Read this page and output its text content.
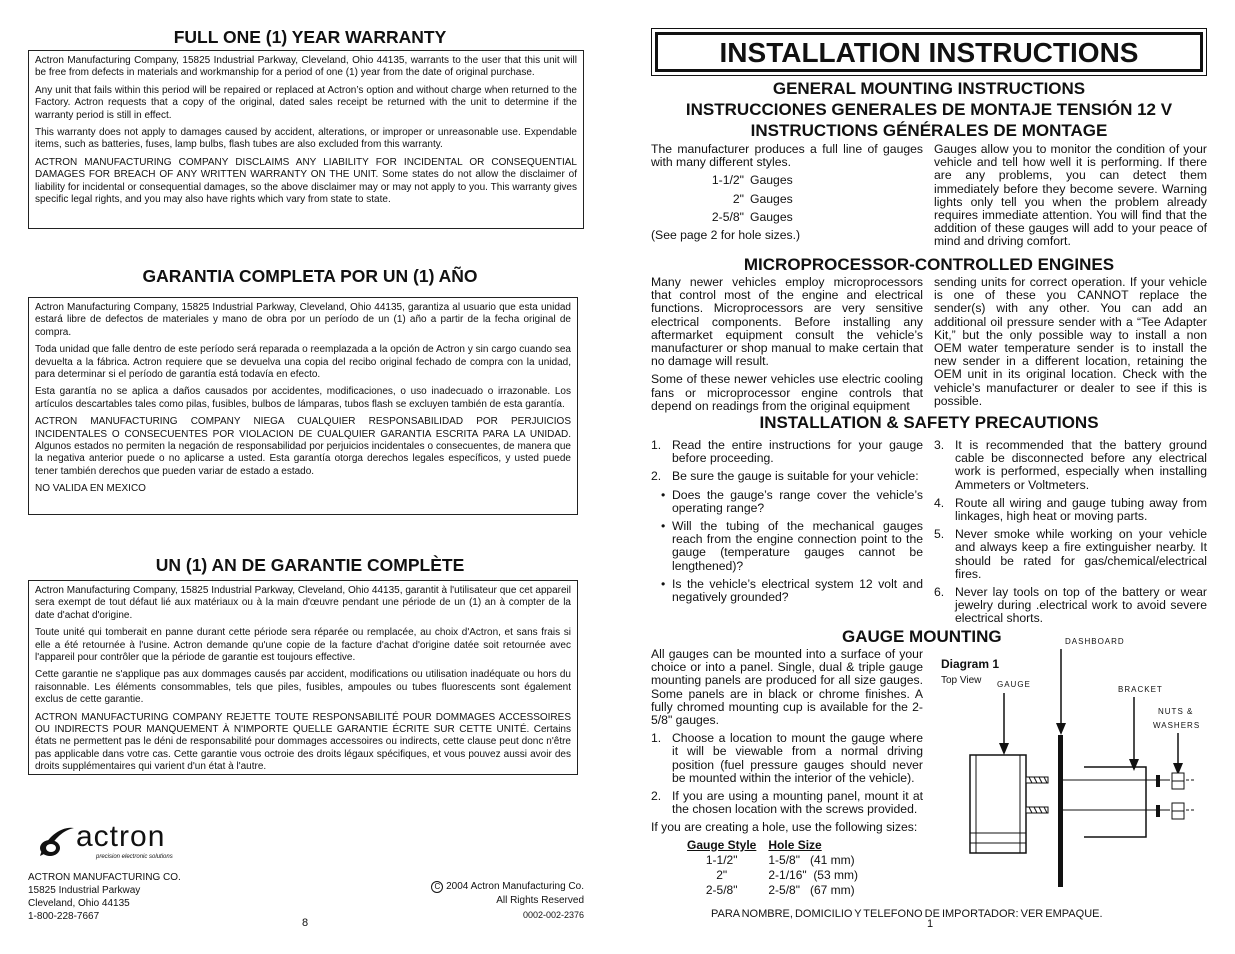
FULL ONE (1) YEAR WARRANTY

Actron Manufacturing Company, 15825 Industrial Parkway, Cleveland, Ohio 44135, warrants to the user that this unit will be free from defects in materials and workmanship for a period of one (1) year from the date of original purchase.

Any unit that fails within this period will be repaired or replaced at Actron’s option and without charge when returned to the Factory. Actron requests that a copy of the original, dated sales receipt be returned with the unit to determine if the warranty period is still in effect.

This warranty does not apply to damages caused by accident, alterations, or improper or unreasonable use. Expendable items, such as batteries, fuses, lamp bulbs, flash tubes are also excluded from this warranty.

ACTRON MANUFACTURING COMPANY DISCLAIMS ANY LIABILITY FOR INCIDENTAL OR CONSEQUENTIAL DAMAGES FOR BREACH OF ANY WRITTEN WARRANTY ON THE UNIT. Some states do not allow the disclaimer of liability for incidental or consequential damages, so the above disclaimer may or may not apply to you. This warranty gives specific legal rights, and you may also have rights which vary from state to state.

GARANTIA COMPLETA POR UN (1) AÑO

Actron Manufacturing Company, 15825 Industrial Parkway, Cleveland, Ohio 44135, garantiza al usuario que esta unidad estará libre de defectos de materiales y mano de obra por un período de un (1) año a partir de la fecha original de compra.

Toda unidad que falle dentro de este período será reparada o reemplazada a la opción de Actron y sin cargo cuando sea devuelta a la fábrica. Actron requiere que se devuelva una copia del recibo original fechado de compra con la unidad, para determinar si el período de garantía está todavía en efecto.

Esta garantía no se aplica a daños causados por accidentes, modificaciones, o uso inadecuado o irrazonable. Los artículos descartables tales como pilas, fusibles, bulbos de lámparas, tubos flash se excluyen también de esta garantía.

ACTRON MANUFACTURING COMPANY NIEGA CUALQUIER RESPONSABILIDAD POR PERJUICIOS INCIDENTALES O CONSECUENTES POR VIOLACION DE CUALQUIER GARANTIA ESCRITA PARA LA UNIDAD. Algunos estados no permiten la negación de responsabilidad por perjuicios incidentales o consecuentes, de manera que la negativa anterior puede o no aplicarse a usted. Esta garantía otorga derechos legales específicos, y usted puede tener también derechos que pueden variar de estado a estado.

NO VALIDA EN MEXICO

UN (1) AN DE GARANTIE COMPLÈTE

Actron Manufacturing Company, 15825 Industrial Parkway, Cleveland, Ohio 44135, garantit à l'utilisateur que cet appareil sera exempt de tout défaut lié aux matériaux ou à la main d'œuvre pendant une période de un (1) an à compter de la date d'achat d'origine.

Toute unité qui tomberait en panne durant cette période sera réparée ou remplacée, au choix d'Actron, et sans frais si elle a été retournée à l'usine. Actron demande qu'une copie de la facture d'achat d'origine datée soit retournée avec l'appareil pour contrôler que la période de garantie est toujours effective.

Cette garantie ne s'applique pas aux dommages causés par accident, modifications ou utilisation inadéquate ou hors du raisonnable. Les éléments consommables, tels que piles, fusibles, ampoules ou tubes fluorescents sont également exclus de cette garantie.

ACTRON MANUFACTURING COMPANY REJETTE TOUTE RESPONSABILITÉ POUR DOMMAGES ACCESSOIRES OU INDIRECTS POUR MANQUEMENT À N'IMPORTE QUELLE GARANTIE ÉCRITE SUR CETTE UNITÉ. Certains états ne permettent pas le déni de responsabilité pour dommages accessoires ou indirects, cette clause peut donc n'être pas applicable dans votre cas. Cette garantie vous octroie des droits légaux spécifiques, et vous pouvez aussi avoir des droits supplémentaires qui varient d'un état à l'autre.

actron
precision electronic solutions
ACTRON MANUFACTURING CO.
15825 Industrial Parkway
Cleveland, Ohio 44135
1-800-228-7667
C 2004 Actron Manufacturing Co.
All Rights Reserved
0002-002-2376
8
INSTALLATION INSTRUCTIONS
GENERAL MOUNTING INSTRUCTIONS
INSTRUCCIONES GENERALES DE MONTAJE TENSIÓN 12 V
INSTRUCTIONS GÉNÉRALES DE MONTAGE

The manufacturer produces a full line of gauges with many different styles.

1-1/2" Gauges
2" Gauges
2-5/8" Gauges
(See page 2 for hole sizes.)

Gauges allow you to monitor the condition of your vehicle and tell how well it is performing. If there are any problems, you can detect them immediately before they become severe. Warning lights only tell you when the problem already requires immediate attention. You will find that the addition of these gauges will add to your peace of mind and driving comfort.

MICROPROCESSOR-CONTROLLED ENGINES

Many newer vehicles employ microprocessors that control most of the engine and electrical functions. Microprocessors are very sensitive electrical components. Before installing any aftermarket equipment consult the vehicle’s manufacturer or shop manual to make certain that no damage will result.

Some of these newer vehicles use electric cooling fans or microprocessor engine controls that depend on readings from the original equipment

sending units for correct operation. If your vehicle is one of these you CANNOT replace the sender(s) with any other. You can add an additional oil pressure sender with a “Tee Adapter Kit,” but the only possible way to install a non OEM water temperature sender is to install the new sender in a different location, retaining the OEM unit in its original location. Check with the vehicle’s manufacturer or dealer to see if this is possible.

INSTALLATION & SAFETY PRECAUTIONS
1. Read the entire instructions for your gauge before proceeding.
2. Be sure the gauge is suitable for your vehicle:
• Does the gauge’s range cover the vehicle’s operating range?
• Will the tubing of the mechanical gauges reach from the engine connection point to the gauge (temperature gauges cannot be lengthened)?
• Is the vehicle’s electrical system 12 volt and negatively grounded?
3. It is recommended that the battery ground cable be disconnected before any electrical work is performed, especially when installing Ammeters or Voltmeters.
4. Route all wiring and gauge tubing away from linkages, high heat or moving parts.
5. Never smoke while working on your vehicle and always keep a fire extinguisher nearby. It should be rated for gas/chemical/electrical fires.
6. Never lay tools on top of the battery or wear jewelry during .electrical work to avoid severe electrical shorts.
GAUGE MOUNTING

All gauges can be mounted into a surface of your choice or into a panel. Single, dual & triple gauge mounting panels are produced for all size gauges. Some panels are in black or chrome finishes. A fully chromed mounting cup is available for the 2-5/8" gauges.

1. Choose a location to mount the gauge where it will be viewable from a normal driving position (fuel pressure gauges should never be mounted within the interior of the vehicle).
2. If you are using a mounting panel, mount it at the chosen location with the screws provided.
If you are creating a hole, use the following sizes:
Gauge Style	Hole Size
1-1/2"	1-5/8"   (41 mm)
2"	2-1/16"  (53 mm)
2-5/8"	2-5/8"   (67 mm)
Diagram 1
Top View
DASHBOARD
GAUGE
BRACKET
NUTS &
WASHERS
PARA NOMBRE, DOMICILIO Y TELEFONO DE IMPORTADOR: VER EMPAQUE.
1
